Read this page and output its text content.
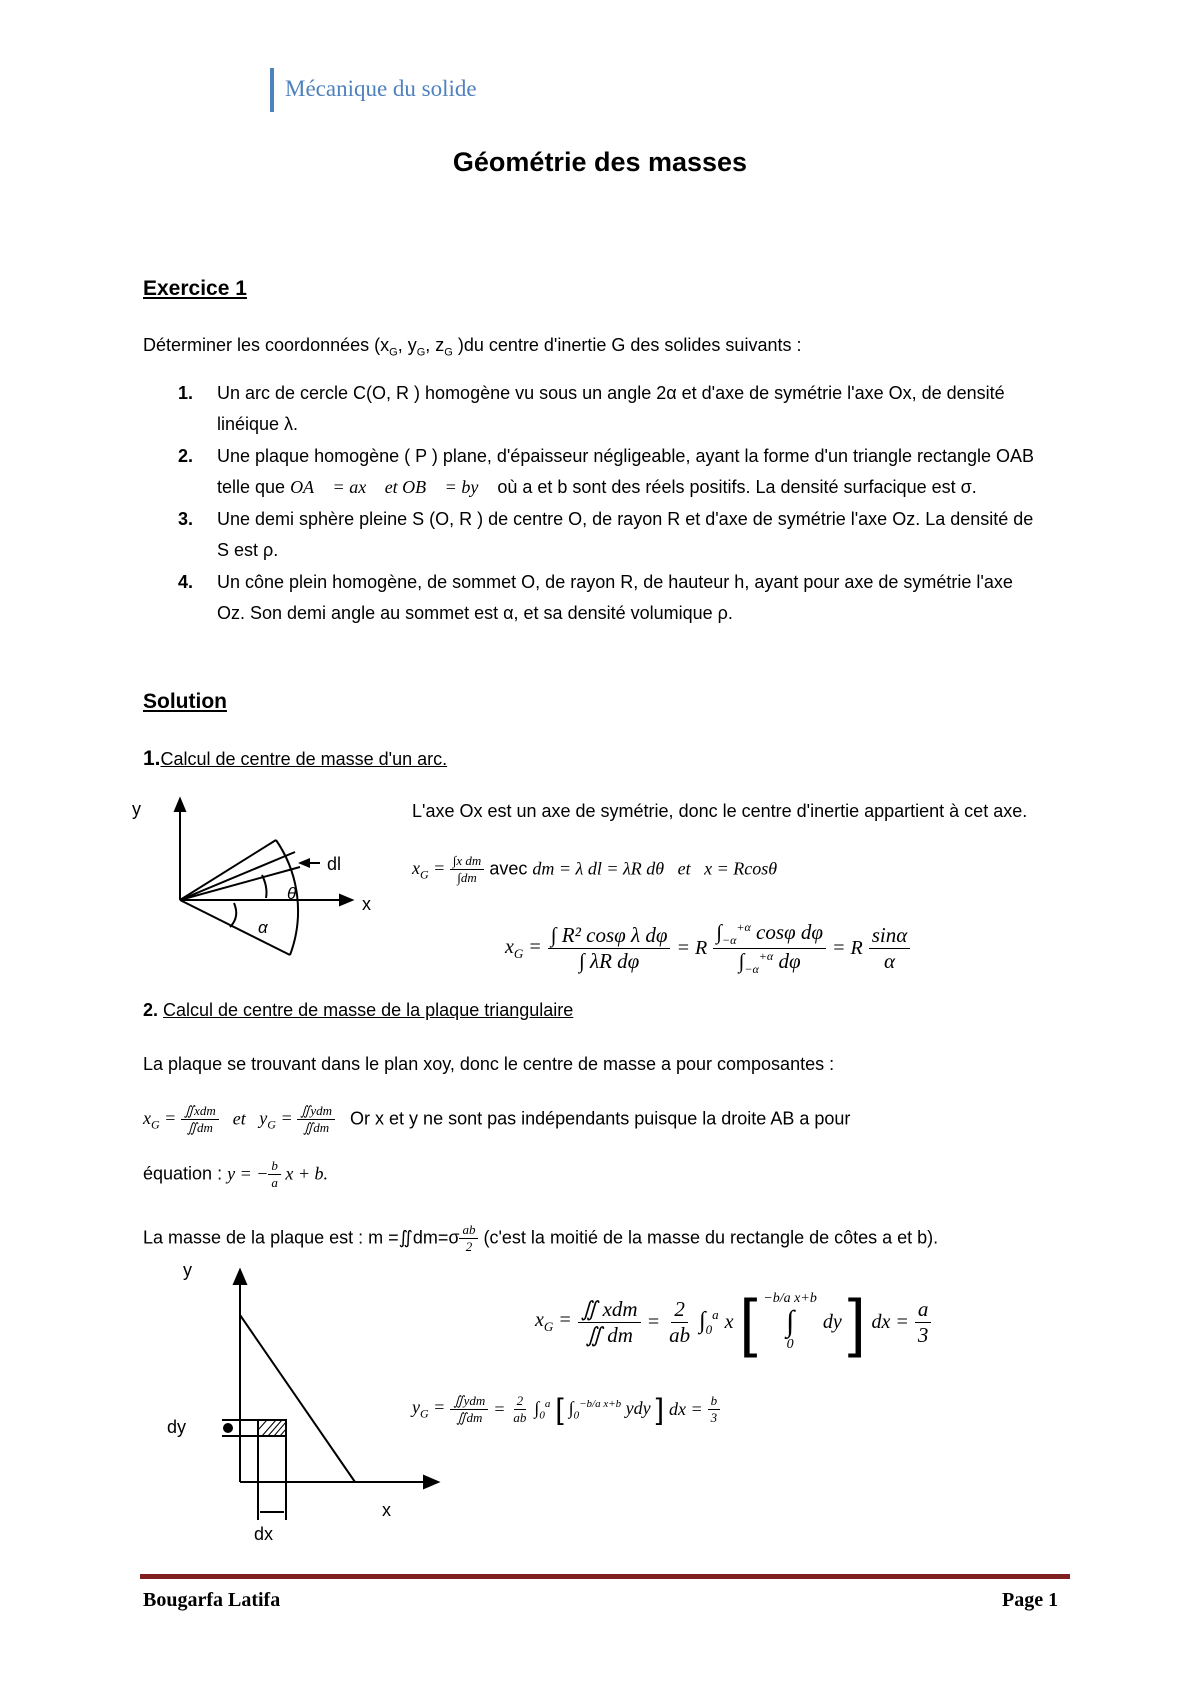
Mécanique du solide
Géométrie des masses
Exercice 1
Déterminer les coordonnées ($x_G$, $y_G$, $z_G$ )du centre d'inertie G des solides suivants :
1. Un arc de cercle C(O, R ) homogène vu sous un angle 2α et d'axe de symétrie l'axe Ox, de densité linéique λ.
2. Une plaque homogène ( P ) plane, d'épaisseur négligeable, ayant la forme d'un triangle rectangle OAB telle que OA⃗ = ax⃗ et OB⃗ = by⃗ où a et b sont des réels positifs. La densité surfacique est σ.
3. Une demi sphère pleine S (O, R ) de centre O, de rayon R et d'axe de symétrie l'axe Oz. La densité de S est ρ.
4. Un cône plein homogène, de sommet O, de rayon R, de hauteur h, ayant pour axe de symétrie l'axe Oz. Son demi angle au sommet est α, et sa densité volumique ρ.
Solution
1.Calcul de centre de masse d'un arc.
y
x
dl
θ
α
L'axe Ox est un axe de symétrie, donc le centre d'inertie appartient à cet axe.
$x_G = \frac{\text{∫x dm}}{\int dm}$ avec dm = λ dl = λR dθ   et   x = Rcosθ
$x_G = \frac{\text{∫ R² cosφ λ dφ}}{\text{∫ λR dφ}} = R \frac{\int_{-\alpha}^{+\alpha} \cos\varphi d\varphi}{\int_{-\alpha}^{+\alpha} d\varphi} = R \frac{\sin\alpha}{\alpha}$
2. Calcul de centre de masse de la plaque triangulaire
La plaque se trouvant dans le plan xoy, donc le centre de masse a pour composantes :
$x_G = \frac{\text{∬xdm}}{∬dm}$ et   $y_G = \frac{\text{∬ydm}}{∬dm}$ Or x et y ne sont pas indépendants puisque la droite AB a pour
équation : y = − $\frac{b}{a}$ x + b.
La masse de la plaque est : m =∬dm=σ $\frac{ab}{2} (c'est$ la moitié de la masse du rectangle de côtes a et b).
y
x
dy
dx
$x_G = \frac{\text{∬ xdm}}{∬ dm} = \frac{2}{ab} \int_0^a$ x [ −b/a x+b
∫
0
dy ] dx = $\frac{a}{3}$
$y_G = \frac{\text{∬ydm}}{∬dm} = \frac{2}{ab} \int_0^a$ [ $\int_0^{-b/a x+b}$ ydy ] dx = $\frac{b}{3}$
Bougarfa Latifa	Page 1
